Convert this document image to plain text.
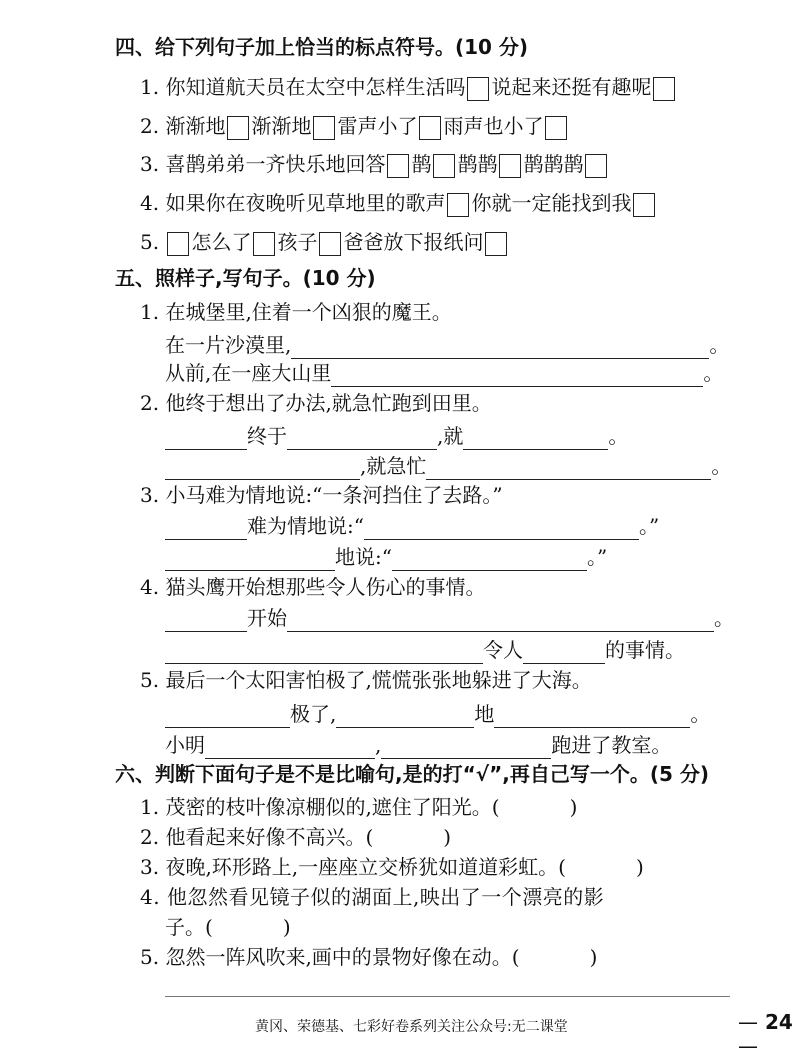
四、给下列句子加上恰当的标点符号。(10 分)
1. 你知道航天员在太空中怎样生活吗 说起来还挺有趣呢
2. 渐渐地 渐渐地 雷声小了 雨声也小了
3. 喜鹊弟弟一齐快乐地回答 鹊 鹊鹊 鹊鹊鹊
4. 如果你在夜晚听见草地里的歌声 你就一定能找到我
5. 怎么了 孩子 爸爸放下报纸问
五、照样子,写句子。(10 分)
1. 在城堡里,住着一个凶狠的魔王。
在一片沙漠里,	。
从前,在一座大山里	。
2. 他终于想出了办法,就急忙跑到田里。
终于	,就	。
,就急忙	。
3. 小马难为情地说:“一条河挡住了去路。”
难为情地说:“	。”
地说:“	。”
4. 猫头鹰开始想那些令人伤心的事情。
开始	。
令人	的事情。
5. 最后一个太阳害怕极了,慌慌张张地躲进了大海。
极了,	地	。
小明	,	跑进了教室。
六、判断下面句子是不是比喻句,是的打“√”,再自己写一个。(5 分)
1. 茂密的枝叶像凉棚似的,遮住了阳光。(	)
2. 他看起来好像不高兴。(	)
3. 夜晚,环形路上,一座座立交桥犹如道道彩虹。(	)
4. 他忽然看见镜子似的湖面上,映出了一个漂亮的影
子。(	)
5. 忽然一阵风吹来,画中的景物好像在动。(	)
黄冈、荣德基、七彩好卷系列关注公众号:无二课堂	— 24 —
